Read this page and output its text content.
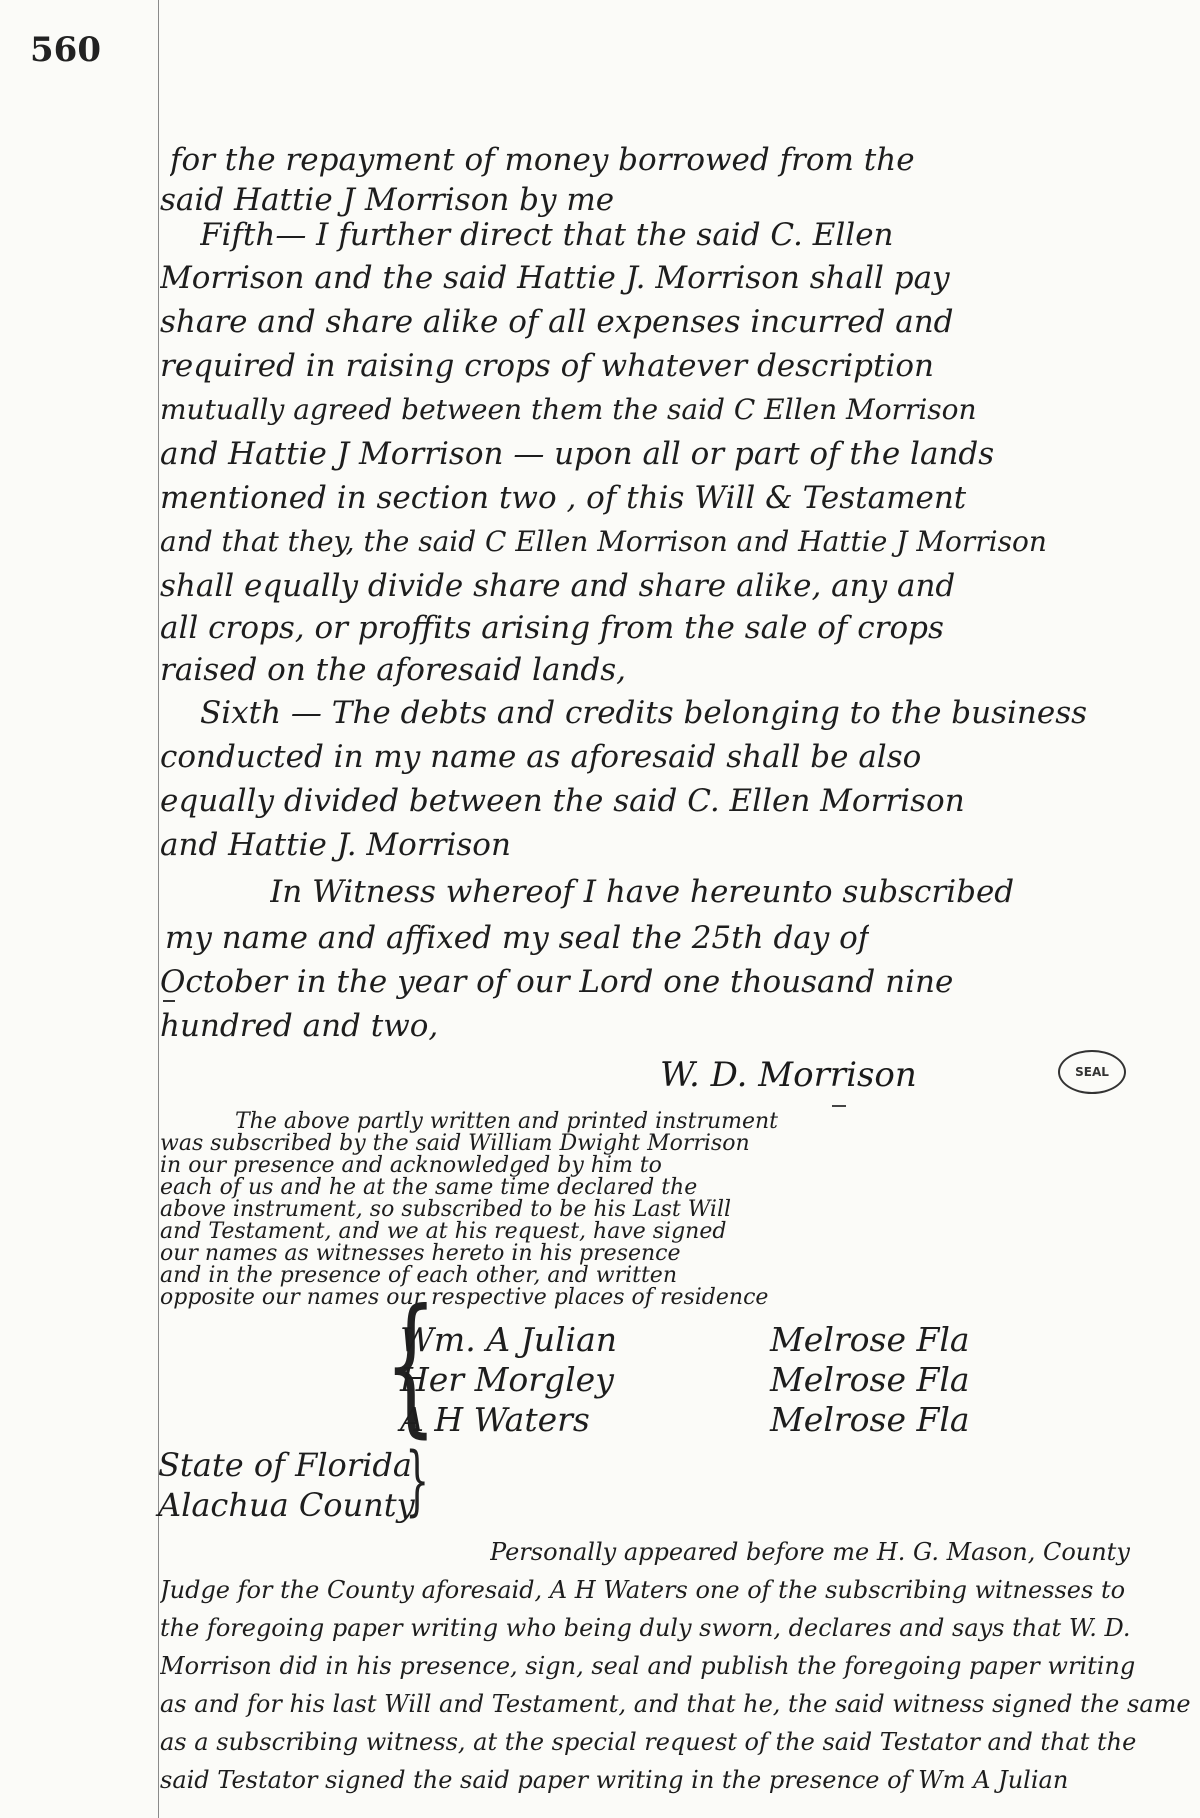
560
for the repayment of money borrowed from the
said Hattie J Morrison by me
Fifth— I further direct that the said C. Ellen
Morrison and the said Hattie J. Morrison shall pay
share and share alike of all expenses incurred and
required in raising crops of whatever description
mutually agreed between them the said C Ellen Morrison
and Hattie J Morrison — upon all or part of the lands
mentioned in section two , of this Will & Testament
and that they, the said C Ellen Morrison and Hattie J Morrison
shall equally divide share and share alike, any and
all crops, or proffits arising from the sale of crops
raised on the aforesaid lands,
Sixth — The debts and credits belonging to the business
conducted in my name as aforesaid shall be also
equally divided between the said C. Ellen Morrison
and Hattie J. Morrison
In Witness whereof I have hereunto subscribed
my name and affixed my seal the 25th day of
October in the year of our Lord one thousand nine
hundred and two,
W. D. Morrison	SEAL
The above partly written and printed instrument
was subscribed by the said William Dwight Morrison
in our presence and acknowledged by him to
each of us and he at the same time declared the
above instrument, so subscribed to be his Last Will
and Testament, and we at his request, have signed
our names as witnesses hereto in his presence
and in the presence of each other, and written
opposite our names our respective places of residence
{
Wm. A Julian	Melrose Fla
Her Morgley	Melrose Fla
A H Waters	Melrose Fla
State of Florida
Alachua County
}
Personally appeared before me H. G. Mason, County
Judge for the County aforesaid, A H Waters one of the subscribing witnesses to
the foregoing paper writing who being duly sworn, declares and says that W. D.
Morrison did in his presence, sign, seal and publish the foregoing paper writing
as and for his last Will and Testament, and that he, the said witness signed the same
as a subscribing witness, at the special request of the said Testator and that the
said Testator signed the said paper writing in the presence of Wm A Julian
